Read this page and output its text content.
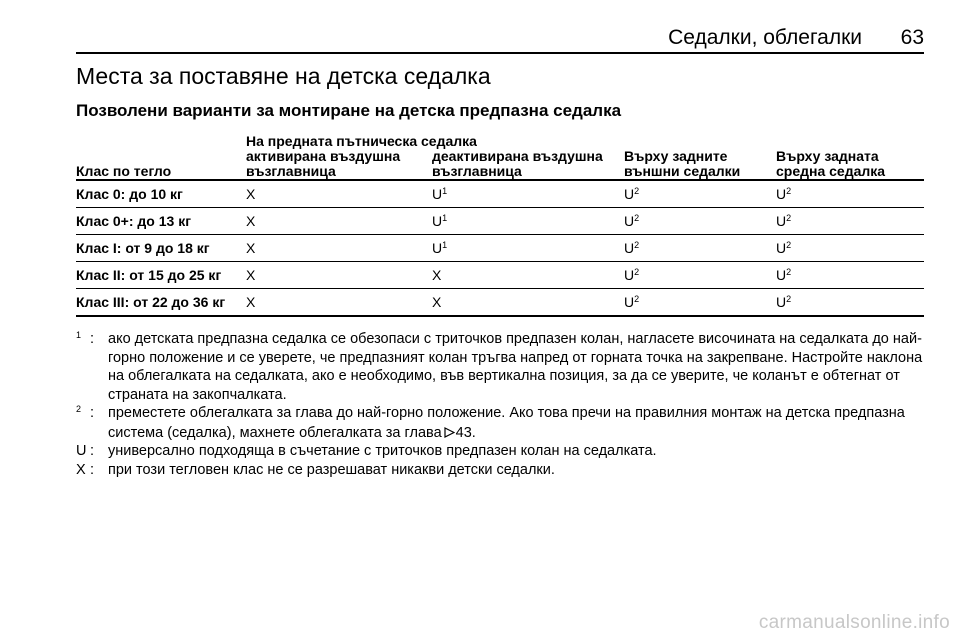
Седалки, облегалки 63
Места за поставяне на детска седалка
Позволени варианти за монтиране на детска предпазна седалка
	На предната пътническа седалка			
Клас по тегло	активирана въздушна възглавница	деактивирана въздушна възглавница	Върху задните външни седалки	Върху задната средна седалка
Клас 0: до 10 кг	X	$U^1$	$U^2$	$U^2$
Клас 0+: до 13 кг	X	$U^1$	$U^2$	$U^2$
Клас I: от 9 до 18 кг	X	$U^1$	$U^2$	$U^2$
Клас II: от 15 до 25 кг	X	X	$U^2$	$U^2$
Клас III: от 22 до 36 кг	X	X	$U^2$	$U^2$
$^1$ : ако детската предпазна седалка се обезопаси с триточков предпазен колан, нагласете височината на седалката до най-горно положение и се уверете, че предпазният колан тръгва напред от горната точка на закрепване. Настройте наклона на облегалката на седалката, ако е необходимо, във вертикална позиция, за да се уверите, че коланът е обтегнат от страната на закопчалката.
$^2$ : преместете облегалката за глава до най-горно положение. Ако това пречи на правилния монтаж на детска предпазна система (седалка), махнете облегалката за глава 43.
U : универсално подходяща в съчетание с триточков предпазен колан на седалката.
X : при този тегловен клас не се разрешават никакви детски седалки.
carmanualsonline.info
